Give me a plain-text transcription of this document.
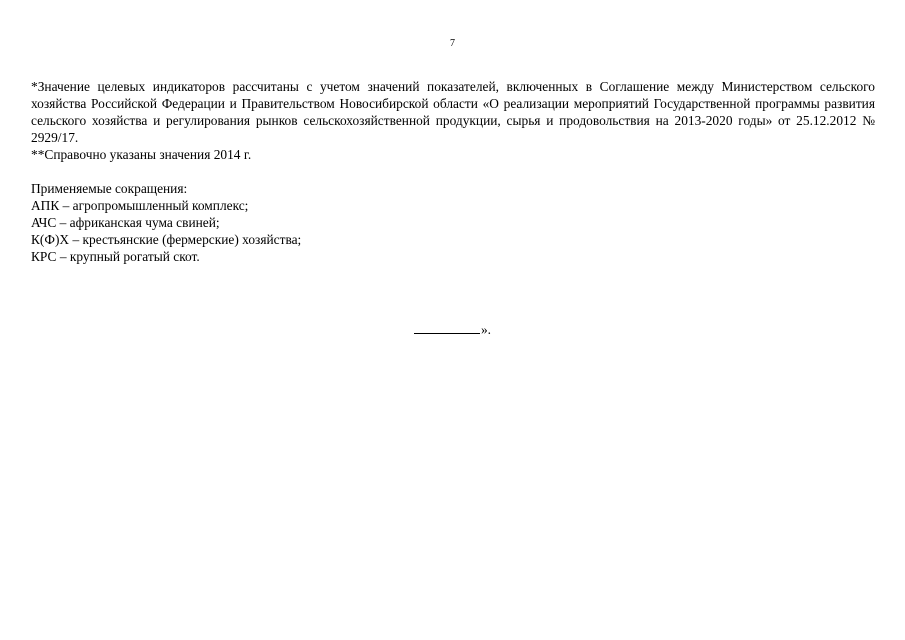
7

*Значение целевых индикаторов рассчитаны с учетом значений показателей, включенных в Соглашение между Министерством сельского хозяйства Российской Федерации и Правительством Новосибирской области «О реализации мероприятий Государственной программы развития сельского хозяйства и регулирования рынков сельскохозяйственной продукции, сырья и продовольствия на 2013-2020 годы» от 25.12.2012 № 2929/17.

**Справочно указаны значения 2014 г.

Применяемые сокращения:

АПК – агропромышленный комплекс;
АЧС – африканская чума свиней;
К(Ф)Х – крестьянские (фермерские) хозяйства;
КРС – крупный рогатый скот.
».
